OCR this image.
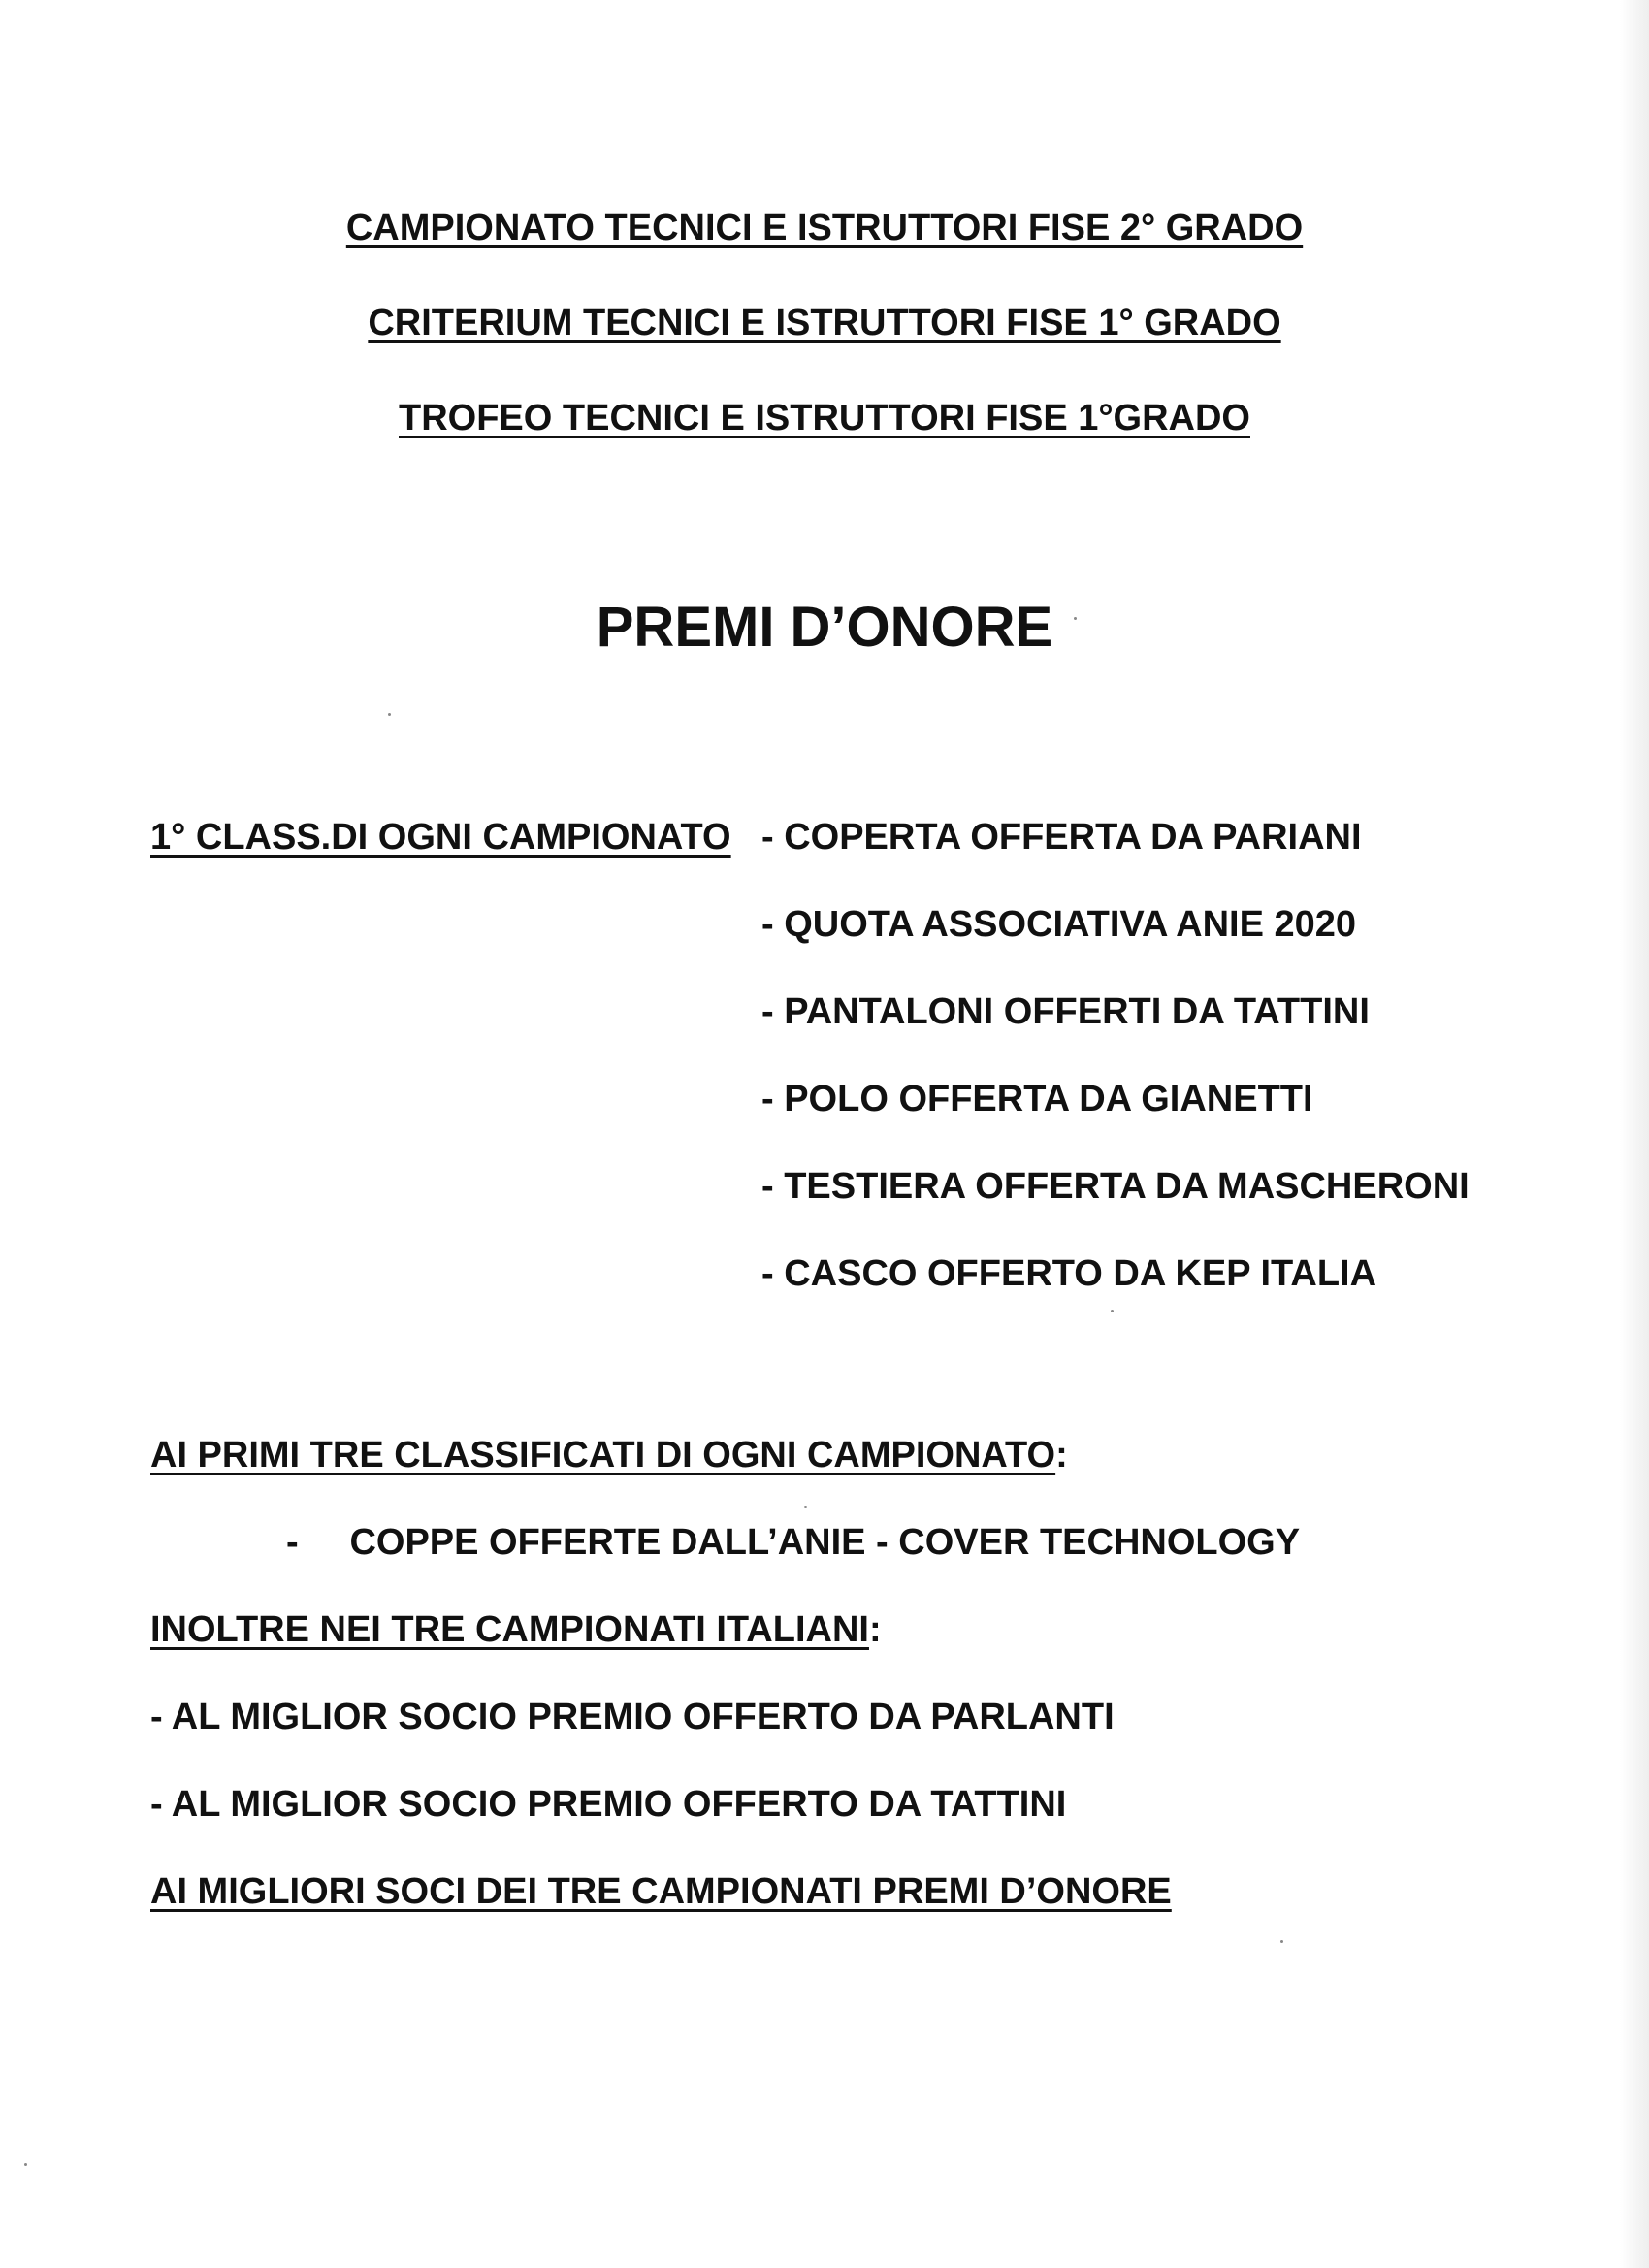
CAMPIONATO TECNICI E ISTRUTTORI FISE 2° GRADO
CRITERIUM TECNICI E ISTRUTTORI FISE 1° GRADO
TROFEO TECNICI E ISTRUTTORI FISE 1°GRADO
PREMI D’ONORE
1° CLASS.DI OGNI CAMPIONATO - COPERTA OFFERTA DA PARIANI
- QUOTA ASSOCIATIVA ANIE 2020
- PANTALONI OFFERTI DA TATTINI
- POLO OFFERTA DA GIANETTI
- TESTIERA OFFERTA DA MASCHERONI
- CASCO OFFERTO DA KEP ITALIA
AI PRIMI TRE CLASSIFICATI DI OGNI CAMPIONATO:
-     COPPE OFFERTE DALL’ANIE - COVER TECHNOLOGY
INOLTRE NEI TRE CAMPIONATI ITALIANI:
- AL MIGLIOR SOCIO PREMIO OFFERTO DA PARLANTI
- AL MIGLIOR SOCIO PREMIO OFFERTO DA TATTINI
AI MIGLIORI SOCI DEI TRE CAMPIONATI PREMI D’ONORE
